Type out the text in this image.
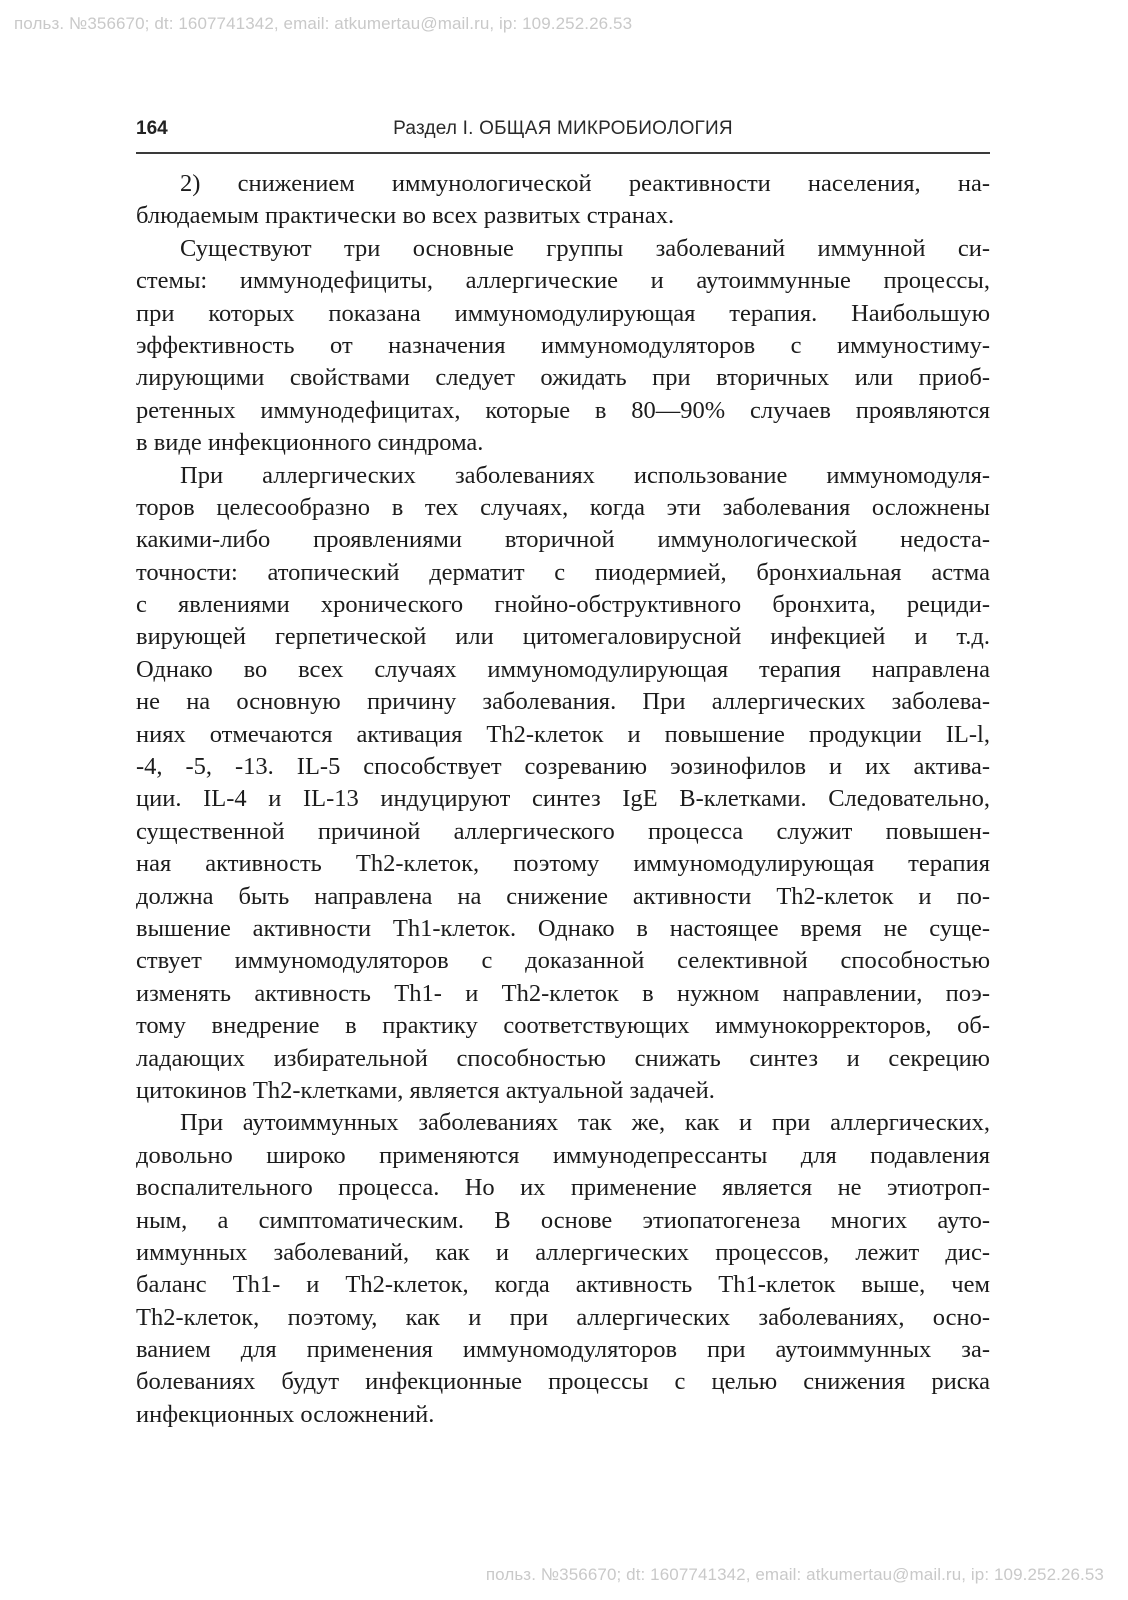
польз. №356670; dt: 1607741342, email: atkumertau@mail.ru, ip: 109.252.26.53
164	Раздел I. ОБЩАЯ МИКРОБИОЛОГИЯ

2) снижением иммунологической реактивности населения, на-
блюдаемым практически во всех развитых странах.

Существуют три основные группы заболеваний иммунной си-
стемы: иммунодефициты, аллергические и аутоиммунные процессы,
при которых показана иммуномодулирующая терапия. Наибольшую
эффективность от назначения иммуномодуляторов с иммуностиму-
лирующими свойствами следует ожидать при вторичных или приоб-
ретенных иммунодефицитах, которые в 80—90% случаев проявляются
в виде инфекционного синдрома.

При аллергических заболеваниях использование иммуномодуля-
торов целесообразно в тех случаях, когда эти заболевания осложнены
какими-либо проявлениями вторичной иммунологической недоста-
точности: атопический дерматит с пиодермией, бронхиальная астма
с явлениями хронического гнойно-обструктивного бронхита, рециди-
вирующей герпетической или цитомегаловирусной инфекцией и т.д.
Однако во всех случаях иммуномодулирующая терапия направлена
не на основную причину заболевания. При аллергических заболева-
ниях отмечаются активация Th2-клеток и повышение продукции IL-l,
-4, -5, -13. IL-5 способствует созреванию эозинофилов и их актива-
ции. IL-4 и IL-13 индуцируют синтез IgE B-клетками. Следовательно,
существенной причиной аллергического процесса служит повышен-
ная активность Th2-клеток, поэтому иммуномодулирующая терапия
должна быть направлена на снижение активности Th2-клеток и по-
вышение активности Th1-клеток. Однако в настоящее время не суще-
ствует иммуномодуляторов с доказанной селективной способностью
изменять активность Th1- и Th2-клеток в нужном направлении, поэ-
тому внедрение в практику соответствующих иммунокорректоров, об-
ладающих избирательной способностью снижать синтез и секрецию
цитокинов Th2-клетками, является актуальной задачей.

При аутоиммунных заболеваниях так же, как и при аллергических,
довольно широко применяются иммунодепрессанты для подавления
воспалительного процесса. Но их применение является не этиотроп-
ным, а симптоматическим. В основе этиопатогенеза многих ауто-
иммунных заболеваний, как и аллергических процессов, лежит дис-
баланс Th1- и Th2-клеток, когда активность Th1-клеток выше, чем
Th2-клеток, поэтому, как и при аллергических заболеваниях, осно-
ванием для применения иммуномодуляторов при аутоиммунных за-
болеваниях будут инфекционные процессы с целью снижения риска
инфекционных осложнений.

польз. №356670; dt: 1607741342, email: atkumertau@mail.ru, ip: 109.252.26.53
